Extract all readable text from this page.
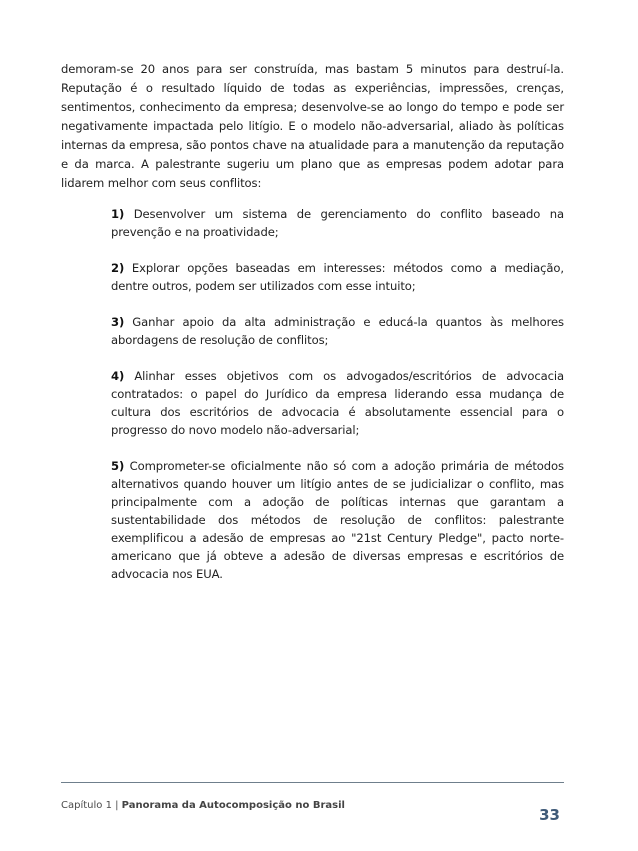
demoram-se 20 anos para ser construída, mas bastam 5 minutos para destruí-la. Reputação é o resultado líquido de todas as experiências, impressões, crenças, sentimentos, conhecimento da empresa; desenvolve-se ao longo do tempo e pode ser negativamente impactada pelo litígio. E o modelo não-adversarial, aliado às políticas internas da empresa, são pontos chave na atualidade para a manutenção da reputação e da marca. A palestrante sugeriu um plano que as empresas podem adotar para lidarem melhor com seus conflitos:

1) Desenvolver um sistema de gerenciamento do conflito baseado na prevenção e na proatividade;
2) Explorar opções baseadas em interesses: métodos como a mediação, dentre outros, podem ser utilizados com esse intuito;
3) Ganhar apoio da alta administração e educá-la quantos às melhores abordagens de resolução de conflitos;
4) Alinhar esses objetivos com os advogados/escritórios de advocacia contratados: o papel do Jurídico da empresa liderando essa mudança de cultura dos escritórios de advocacia é absolutamente essencial para o progresso do novo modelo não-adversarial;
5) Comprometer-se oficialmente não só com a adoção primária de métodos alternativos quando houver um litígio antes de se judicializar o conflito, mas principalmente com a adoção de políticas internas que garantam a sustentabilidade dos métodos de resolução de conflitos: palestrante exemplificou a adesão de empresas ao "21st Century Pledge", pacto norte-americano que já obteve a adesão de diversas empresas e escritórios de advocacia nos EUA.
Capítulo 1 | Panorama da Autocomposição no Brasil
33
